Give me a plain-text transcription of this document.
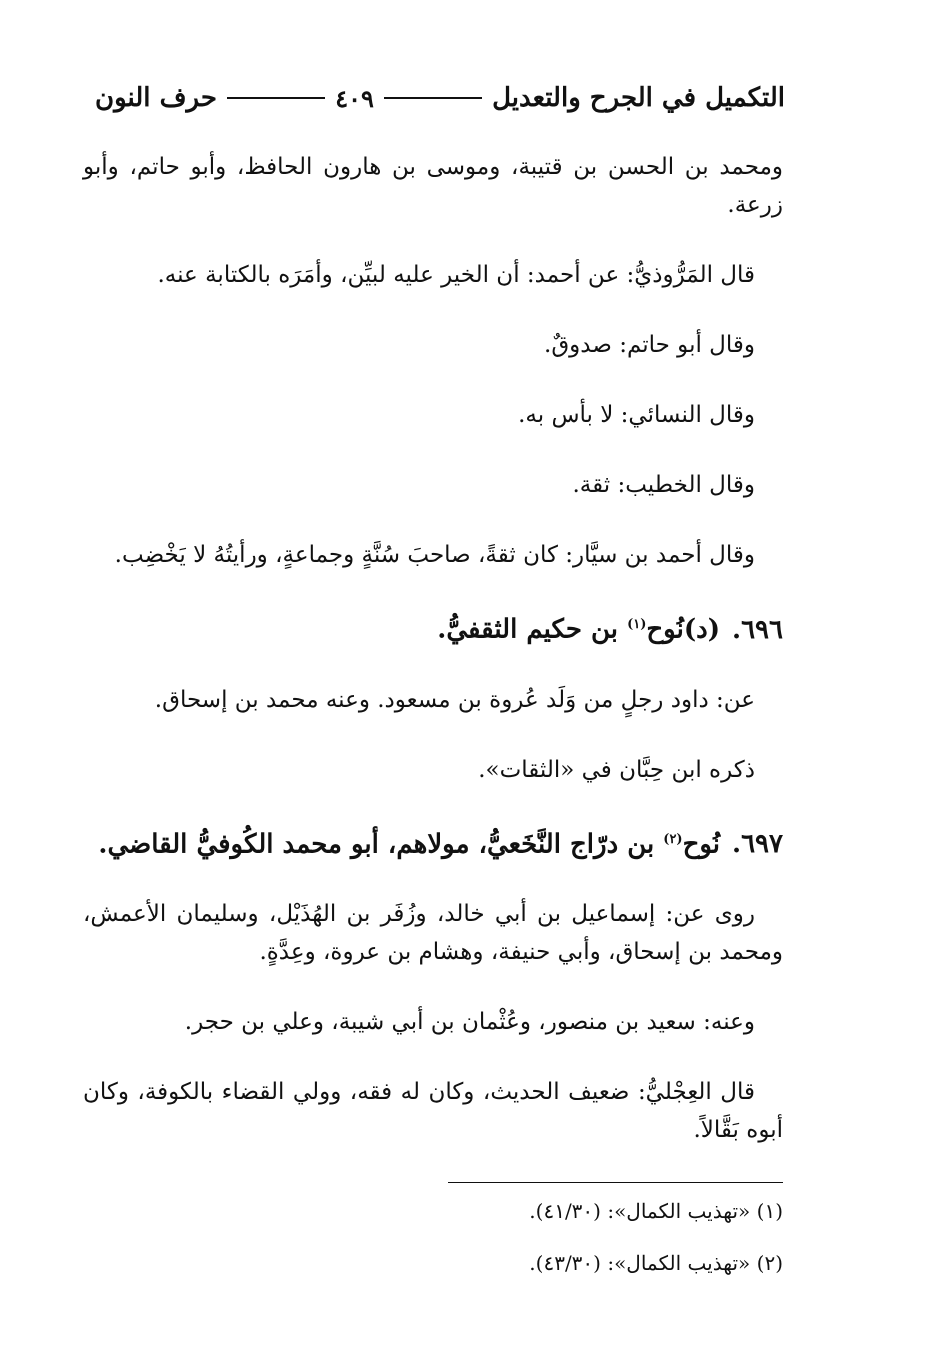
التكميل في الجرح والتعديل
٤٠٩
حرف النون

ومحمد بن الحسن بن قتيبة، وموسى بن هارون الحافظ، وأبو حاتم، وأبو زرعة.

قال المَرُّوذيُّ: عن أحمد: أن الخير عليه لبيِّن، وأمَرَه بالكتابة عنه.

وقال أبو حاتم: صدوقٌ.

وقال النسائي: لا بأس به.

وقال الخطيب: ثقة.

وقال أحمد بن سيَّار: كان ثقةً، صاحبَ سُنَّةٍ وجماعةٍ، ورأيتُهُ لا يَخْضِب.

٦٩٦.(د)نُوح$^{(١)}$ بن حكيم الثقفيُّ.

عن: داود رجلٍ من وَلَد عُروة بن مسعود. وعنه محمد بن إسحاق.

ذكره ابن حِبَّان في «الثقات».

٦٩٧.نُوح$^{(٢)}$ بن درّاج النَّخَعيُّ، مولاهم، أبو محمد الكُوفيُّ القاضي.

روى عن: إسماعيل بن أبي خالد، وزُفَر بن الهُذَيْل، وسليمان الأعمش، ومحمد بن إسحاق، وأبي حنيفة، وهشام بن عروة، وعِدَّةٍ.

وعنه: سعيد بن منصور، وعُثْمان بن أبي شيبة، وعلي بن حجر.

قال العِجْليُّ: ضعيف الحديث، وكان له فقه، وولي القضاء بالكوفة، وكان أبوه بَقَّالاً.

(١) «تهذيب الكمال»: (٤١/٣٠).
(٢) «تهذيب الكمال»: (٤٣/٣٠).
